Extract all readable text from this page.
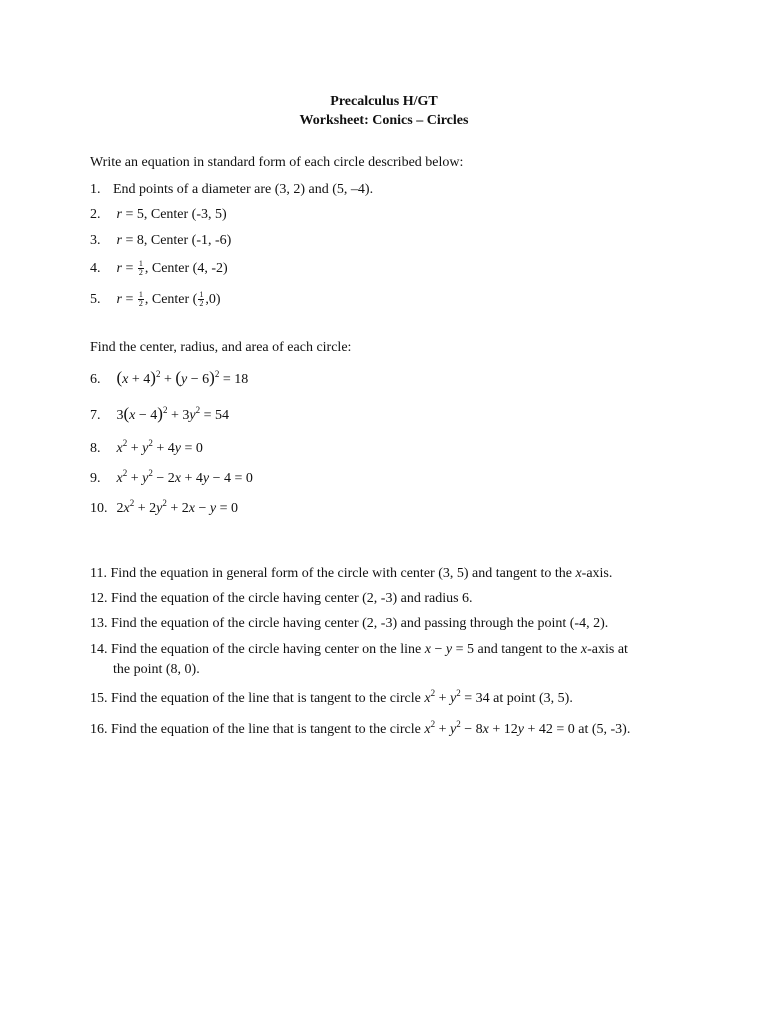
Precalculus H/GT
Worksheet: Conics – Circles
Write an equation in standard form of each circle described below:
1. End points of a diameter are (3, 2) and (5, –4).
2. r = 5, Center (-3, 5)
3. r = 8, Center (-1, -6)
4. $r = \frac{1}{2}$ , Center (4, -2)
5. $r = \frac{1}{2}$ , Center ( $\frac{1}{2} ,0$)
Find the center, radius, and area of each circle:
6. $(x + 4)^2 + (y - 6)^2 = 18$
7. $3(x - 4)^2 + 3y^2 = 54$
8. $x^2 + y^2 + 4y = 0$
9. $x^2 + y^2 - 2x + 4y - 4 = 0$
10. $2x^2 + 2y^2 + 2x - y = 0$
11. Find the equation in general form of the circle with center (3, 5) and tangent to the x-axis.
12. Find the equation of the circle having center (2, -3) and radius 6.
13. Find the equation of the circle having center (2, -3) and passing through the point (-4, 2).
14. Find the equation of the circle having center on the line x − y = 5 and tangent to the x-axis at
the point (8, 0).
15. Find the equation of the line that is tangent to the circle $x^2 + y^2 = 34$ at point (3, 5).
16. Find the equation of the line that is tangent to the circle $x^2 + y^2 - 8x + 12y + 42 = 0$ at (5, -3).
